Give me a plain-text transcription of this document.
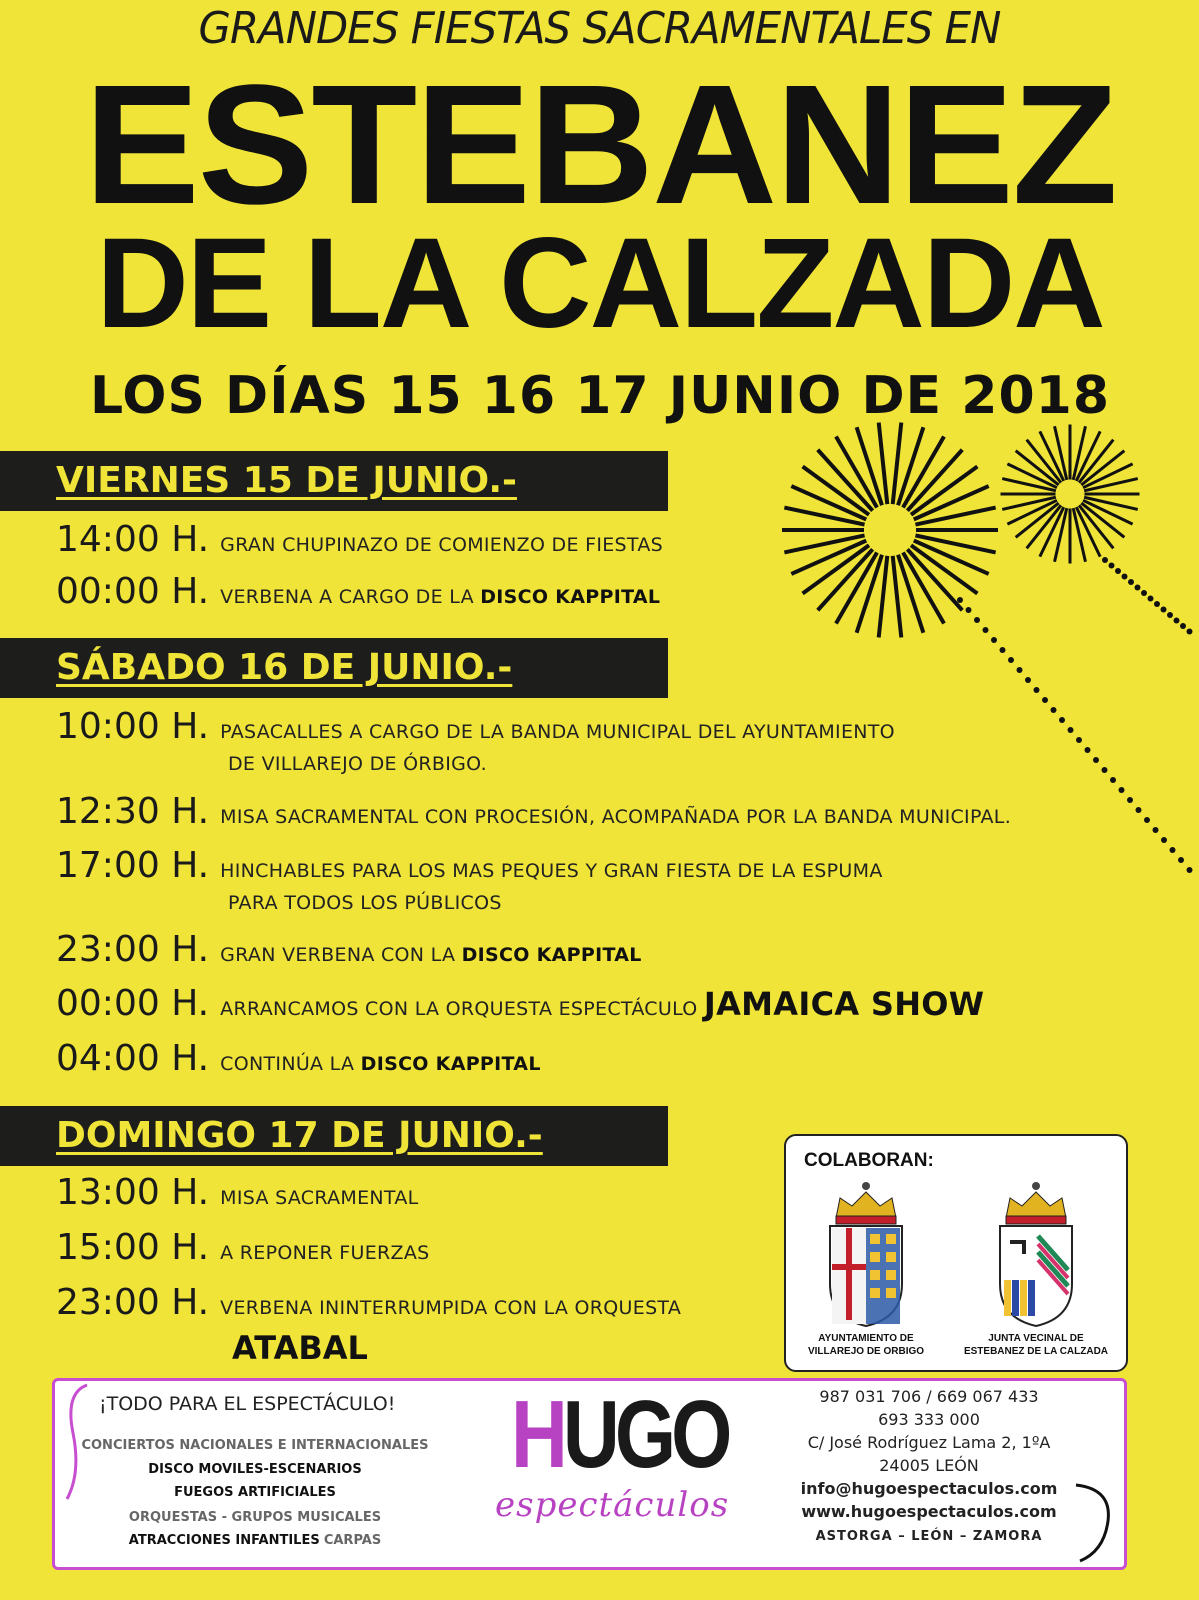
GRANDES FIESTAS SACRAMENTALES EN
ESTEBANEZ
DE LA CALZADA
LOS DÍAS 15 16 17 JUNIO DE 2018
VIERNES 15 DE JUNIO.-
14:00 H. GRAN CHUPINAZO DE COMIENZO DE FIESTAS
00:00 H. VERBENA A CARGO DE LA DISCO KAPPITAL
SÁBADO 16 DE JUNIO.-
10:00 H. PASACALLES A CARGO DE LA BANDA MUNICIPAL DEL AYUNTAMIENTO
DE VILLAREJO DE ÓRBIGO.
12:30 H. MISA SACRAMENTAL CON PROCESIÓN, ACOMPAÑADA POR LA BANDA MUNICIPAL.
17:00 H. HINCHABLES PARA LOS MAS PEQUES Y GRAN FIESTA DE LA ESPUMA
PARA TODOS LOS PÚBLICOS
23:00 H. GRAN VERBENA CON LA DISCO KAPPITAL
00:00 H. ARRANCAMOS CON LA ORQUESTA ESPECTÁCULO JAMAICA SHOW
04:00 H. CONTINÚA LA DISCO KAPPITAL
DOMINGO 17 DE JUNIO.-
13:00 H. MISA SACRAMENTAL
15:00 H. A REPONER FUERZAS
23:00 H. VERBENA ININTERRUMPIDA CON LA ORQUESTA
ATABAL
COLABORAN:
AYUNTAMIENTO DE
VILLAREJO DE ORBIGO
JUNTA VECINAL DE
ESTEBANEZ DE LA CALZADA
¡TODO PARA EL ESPECTÁCULO!
CONCIERTOS NACIONALES E INTERNACIONALES
DISCO MOVILES-ESCENARIOS
FUEGOS ARTIFICIALES
ORQUESTAS - GRUPOS MUSICALES
ATRACCIONES INFANTILES CARPAS
HUGO
espectáculos
987 031 706 / 669 067 433
693 333 000
C/ José Rodríguez Lama 2, 1ºA
24005 LEÓN
info@hugoespectaculos.com
www.hugoespectaculos.com
ASTORGA – LEÓN – ZAMORA
